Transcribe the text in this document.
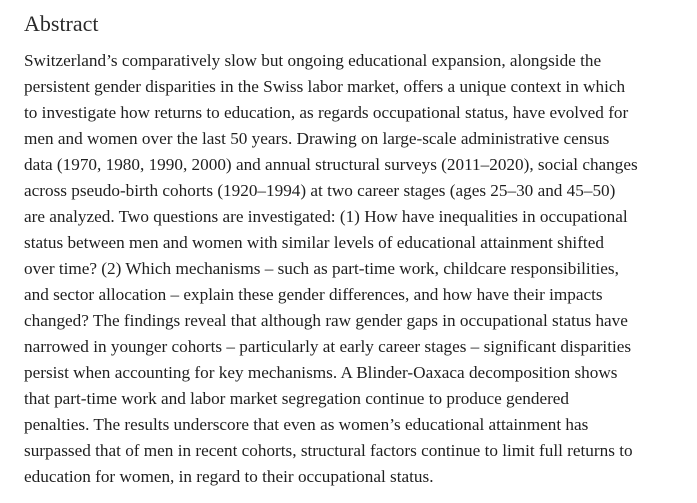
Abstract
Switzerland’s comparatively slow but ongoing educational expansion, alongside the
persistent gender disparities in the Swiss labor market, offers a unique context in which
to investigate how returns to education, as regards occupational status, have evolved for
men and women over the last 50 years. Drawing on large-scale administrative census
data (1970, 1980, 1990, 2000) and annual structural surveys (2011–2020), social changes
across pseudo-birth cohorts (1920–1994) at two career stages (ages 25–30 and 45–50)
are analyzed. Two questions are investigated: (1) How have inequalities in occupational
status between men and women with similar levels of educational attainment shifted
over time? (2) Which mechanisms – such as part-time work, childcare responsibilities,
and sector allocation – explain these gender differences, and how have their impacts
changed? The findings reveal that although raw gender gaps in occupational status have
narrowed in younger cohorts – particularly at early career stages – significant disparities
persist when accounting for key mechanisms. A Blinder-Oaxaca decomposition shows
that part-time work and labor market segregation continue to produce gendered
penalties. The results underscore that even as women’s educational attainment has
surpassed that of men in recent cohorts, structural factors continue to limit full returns to
education for women, in regard to their occupational status.
